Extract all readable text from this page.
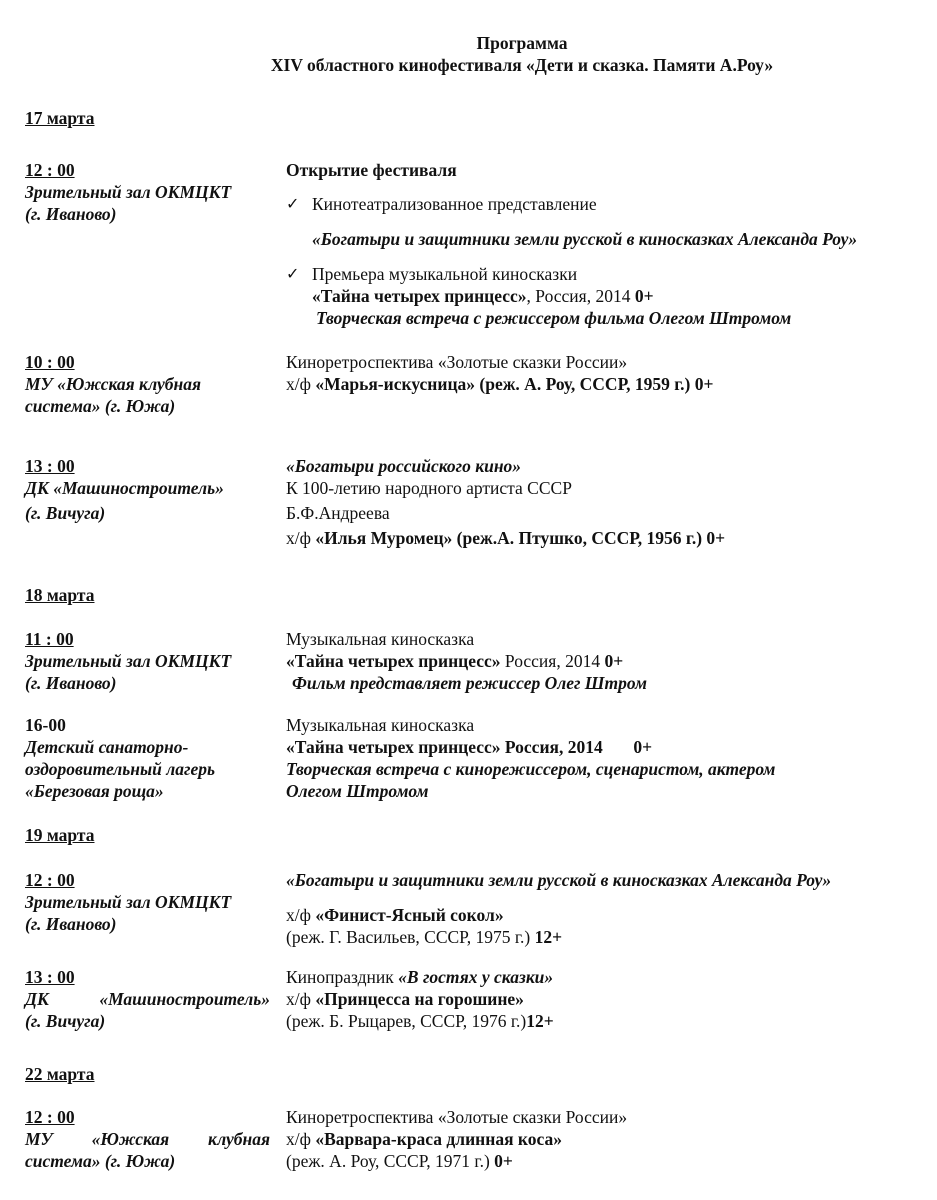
Программа
XIV областного кинофестиваля «Дети и сказка. Памяти А.Роу»
17 марта
12 : 00
Зрительный зал ОКМЦКТ
(г. Иваново)
Открытие фестиваля
✓ Кинотеатрализованное представление
«Богатыри и защитники земли русской в киносказках Александа Роу»
✓ Премьера музыкальной киносказки
«Тайна четырех принцесс», Россия, 2014 0+
Творческая встреча с режиссером фильма Олегом Штромом
10 : 00
МУ «Южская клубная
система» (г. Южа)
Киноретроспектива «Золотые сказки России»
х/ф «Марья-искусница» (реж. А. Роу, СССР, 1959 г.) 0+
13 : 00
ДК «Машиностроитель»
(г. Вичуга)
«Богатыри российского кино»
К 100-летию народного артиста СССР
Б.Ф.Андреева
х/ф «Илья Муромец» (реж.А. Птушко, СССР, 1956 г.) 0+
18 марта
11 : 00
Зрительный зал ОКМЦКТ
(г. Иваново)
Музыкальная киносказка
«Тайна четырех принцесс» Россия, 2014 0+
Фильм представляет режиссер Олег Штром
16-00
Детский санаторно-
оздоровительный лагерь
«Березовая роща»
Музыкальная киносказка
«Тайна четырех принцесс» Россия, 2014       0+
Творческая встреча с кинорежиссером, сценаристом, актером
Олегом Штромом
19 марта
12 : 00
Зрительный зал ОКМЦКТ
(г. Иваново)
«Богатыри и защитники земли русской в киносказках Александа Роу»
х/ф «Финист-Ясный сокол»
(реж. Г. Васильев, СССР, 1975 г.) 12+
13 : 00
ДК «Машиностроитель»
(г. Вичуга)
Кинопраздник «В гостях у сказки»
х/ф «Принцесса на горошине»
(реж. Б. Рыцарев, СССР, 1976 г.)12+
22 марта
12 : 00
МУ «Южская клубная
система» (г. Южа)
Киноретроспектива «Золотые сказки России»
х/ф «Варвара-краса длинная коса»
(реж. А. Роу, СССР, 1971 г.) 0+
